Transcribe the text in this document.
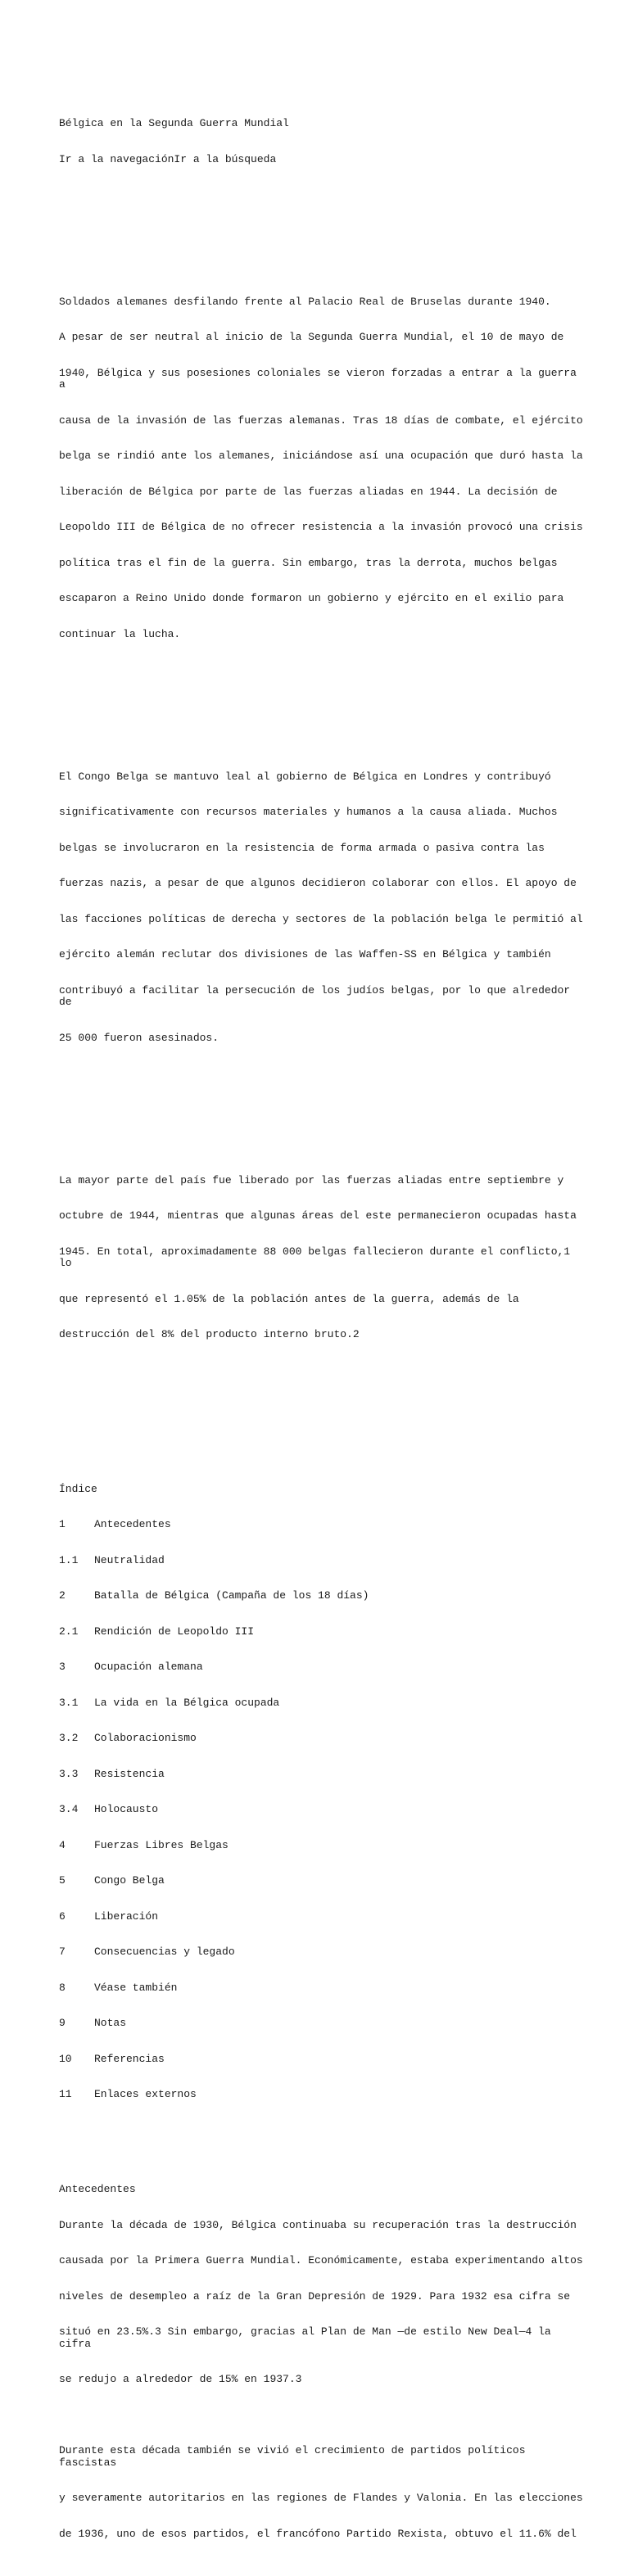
Bélgica en la Segunda Guerra Mundial

Ir a la navegaciónIr a la búsqueda

Soldados alemanes desfilando frente al Palacio Real de Bruselas durante 1940.

A pesar de ser neutral al inicio de la Segunda Guerra Mundial, el 10 de mayo de

1940, Bélgica y sus posesiones coloniales se vieron forzadas a entrar a la guerra a

causa de la invasión de las fuerzas alemanas. Tras 18 días de combate, el ejército

belga se rindió ante los alemanes, iniciándose así una ocupación que duró hasta la

liberación de Bélgica por parte de las fuerzas aliadas en 1944. La decisión de

Leopoldo III de Bélgica de no ofrecer resistencia a la invasión provocó una crisis

política tras el fin de la guerra. Sin embargo, tras la derrota, muchos belgas

escaparon a Reino Unido donde formaron un gobierno y ejército en el exilio para

continuar la lucha.

El Congo Belga se mantuvo leal al gobierno de Bélgica en Londres y contribuyó

significativamente con recursos materiales y humanos a la causa aliada. Muchos

belgas se involucraron en la resistencia de forma armada o pasiva contra las

fuerzas nazis, a pesar de que algunos decidieron colaborar con ellos. El apoyo de

las facciones políticas de derecha y sectores de la población belga le permitió al

ejército alemán reclutar dos divisiones de las Waffen-SS en Bélgica y también

contribuyó a facilitar la persecución de los judíos belgas, por lo que alrededor de

25 000 fueron asesinados.

La mayor parte del país fue liberado por las fuerzas aliadas entre septiembre y

octubre de 1944, mientras que algunas áreas del este permanecieron ocupadas hasta

1945. En total, aproximadamente 88 000 belgas fallecieron durante el conflicto,1 lo

que representó el 1.05% de la población antes de la guerra, además de la

destrucción del 8% del producto interno bruto.2

Índice

1	Antecedentes

1.1	Neutralidad

2	Batalla de Bélgica (Campaña de los 18 días)

2.1	Rendición de Leopoldo III

3	Ocupación alemana

3.1	La vida en la Bélgica ocupada

3.2	Colaboracionismo

3.3	Resistencia

3.4	Holocausto

4	Fuerzas Libres Belgas

5	Congo Belga

6	Liberación

7	Consecuencias y legado

8	Véase también

9	Notas

10	Referencias

11	Enlaces externos

Antecedentes

Durante la década de 1930, Bélgica continuaba su recuperación tras la destrucción

causada por la Primera Guerra Mundial. Económicamente, estaba experimentando altos

niveles de desempleo a raíz de la Gran Depresión de 1929. Para 1932 esa cifra se

situó en 23.5%.3 Sin embargo, gracias al Plan de Man —de estilo New Deal—4 la cifra

se redujo a alrededor de 15% en 1937.3

Durante esta década también se vivió el crecimiento de partidos políticos fascistas

y severamente autoritarios en las regiones de Flandes y Valonia. En las elecciones

de 1936, uno de esos partidos, el francófono Partido Rexista, obtuvo el 11.6% del
